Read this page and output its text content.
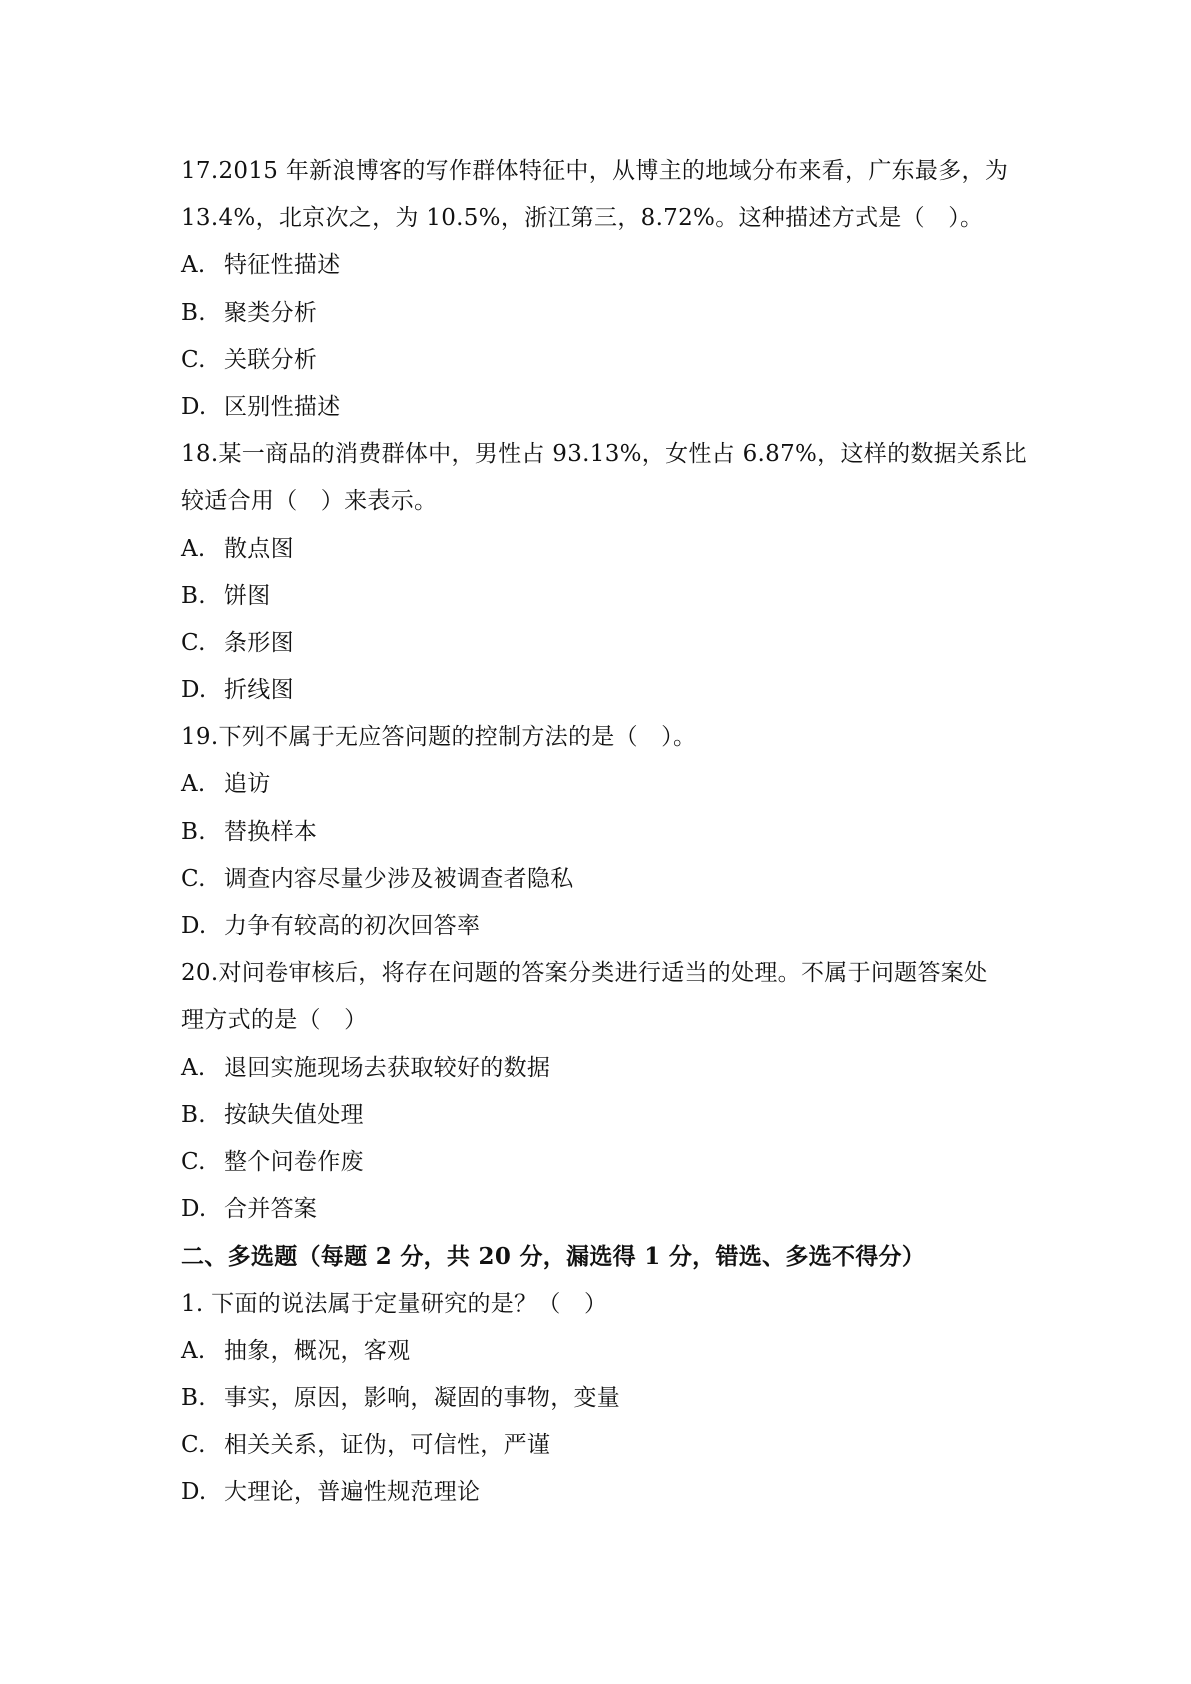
17.2015 年新浪博客的写作群体特征中，从博主的地域分布来看，广东最多，为
13.4%，北京次之，为 10.5%，浙江第三，8.72%。这种描述方式是（　）。
A. 特征性描述
B. 聚类分析
C. 关联分析
D. 区别性描述
18.某一商品的消费群体中，男性占 93.13%，女性占 6.87%，这样的数据关系比
较适合用（　）来表示。
A. 散点图
B. 饼图
C. 条形图
D. 折线图
19.下列不属于无应答问题的控制方法的是（　）。
A. 追访
B. 替换样本
C. 调查内容尽量少涉及被调查者隐私
D. 力争有较高的初次回答率
20.对问卷审核后，将存在问题的答案分类进行适当的处理。不属于问题答案处
理方式的是（　）
A. 退回实施现场去获取较好的数据
B. 按缺失值处理
C. 整个问卷作废
D. 合并答案
二、多选题（每题 2 分，共 20 分，漏选得 1 分，错选、多选不得分）
1. 下面的说法属于定量研究的是？（　）
A. 抽象，概况，客观
B. 事实，原因，影响，凝固的事物，变量
C. 相关关系，证伪，可信性，严谨
D. 大理论，普遍性规范理论
